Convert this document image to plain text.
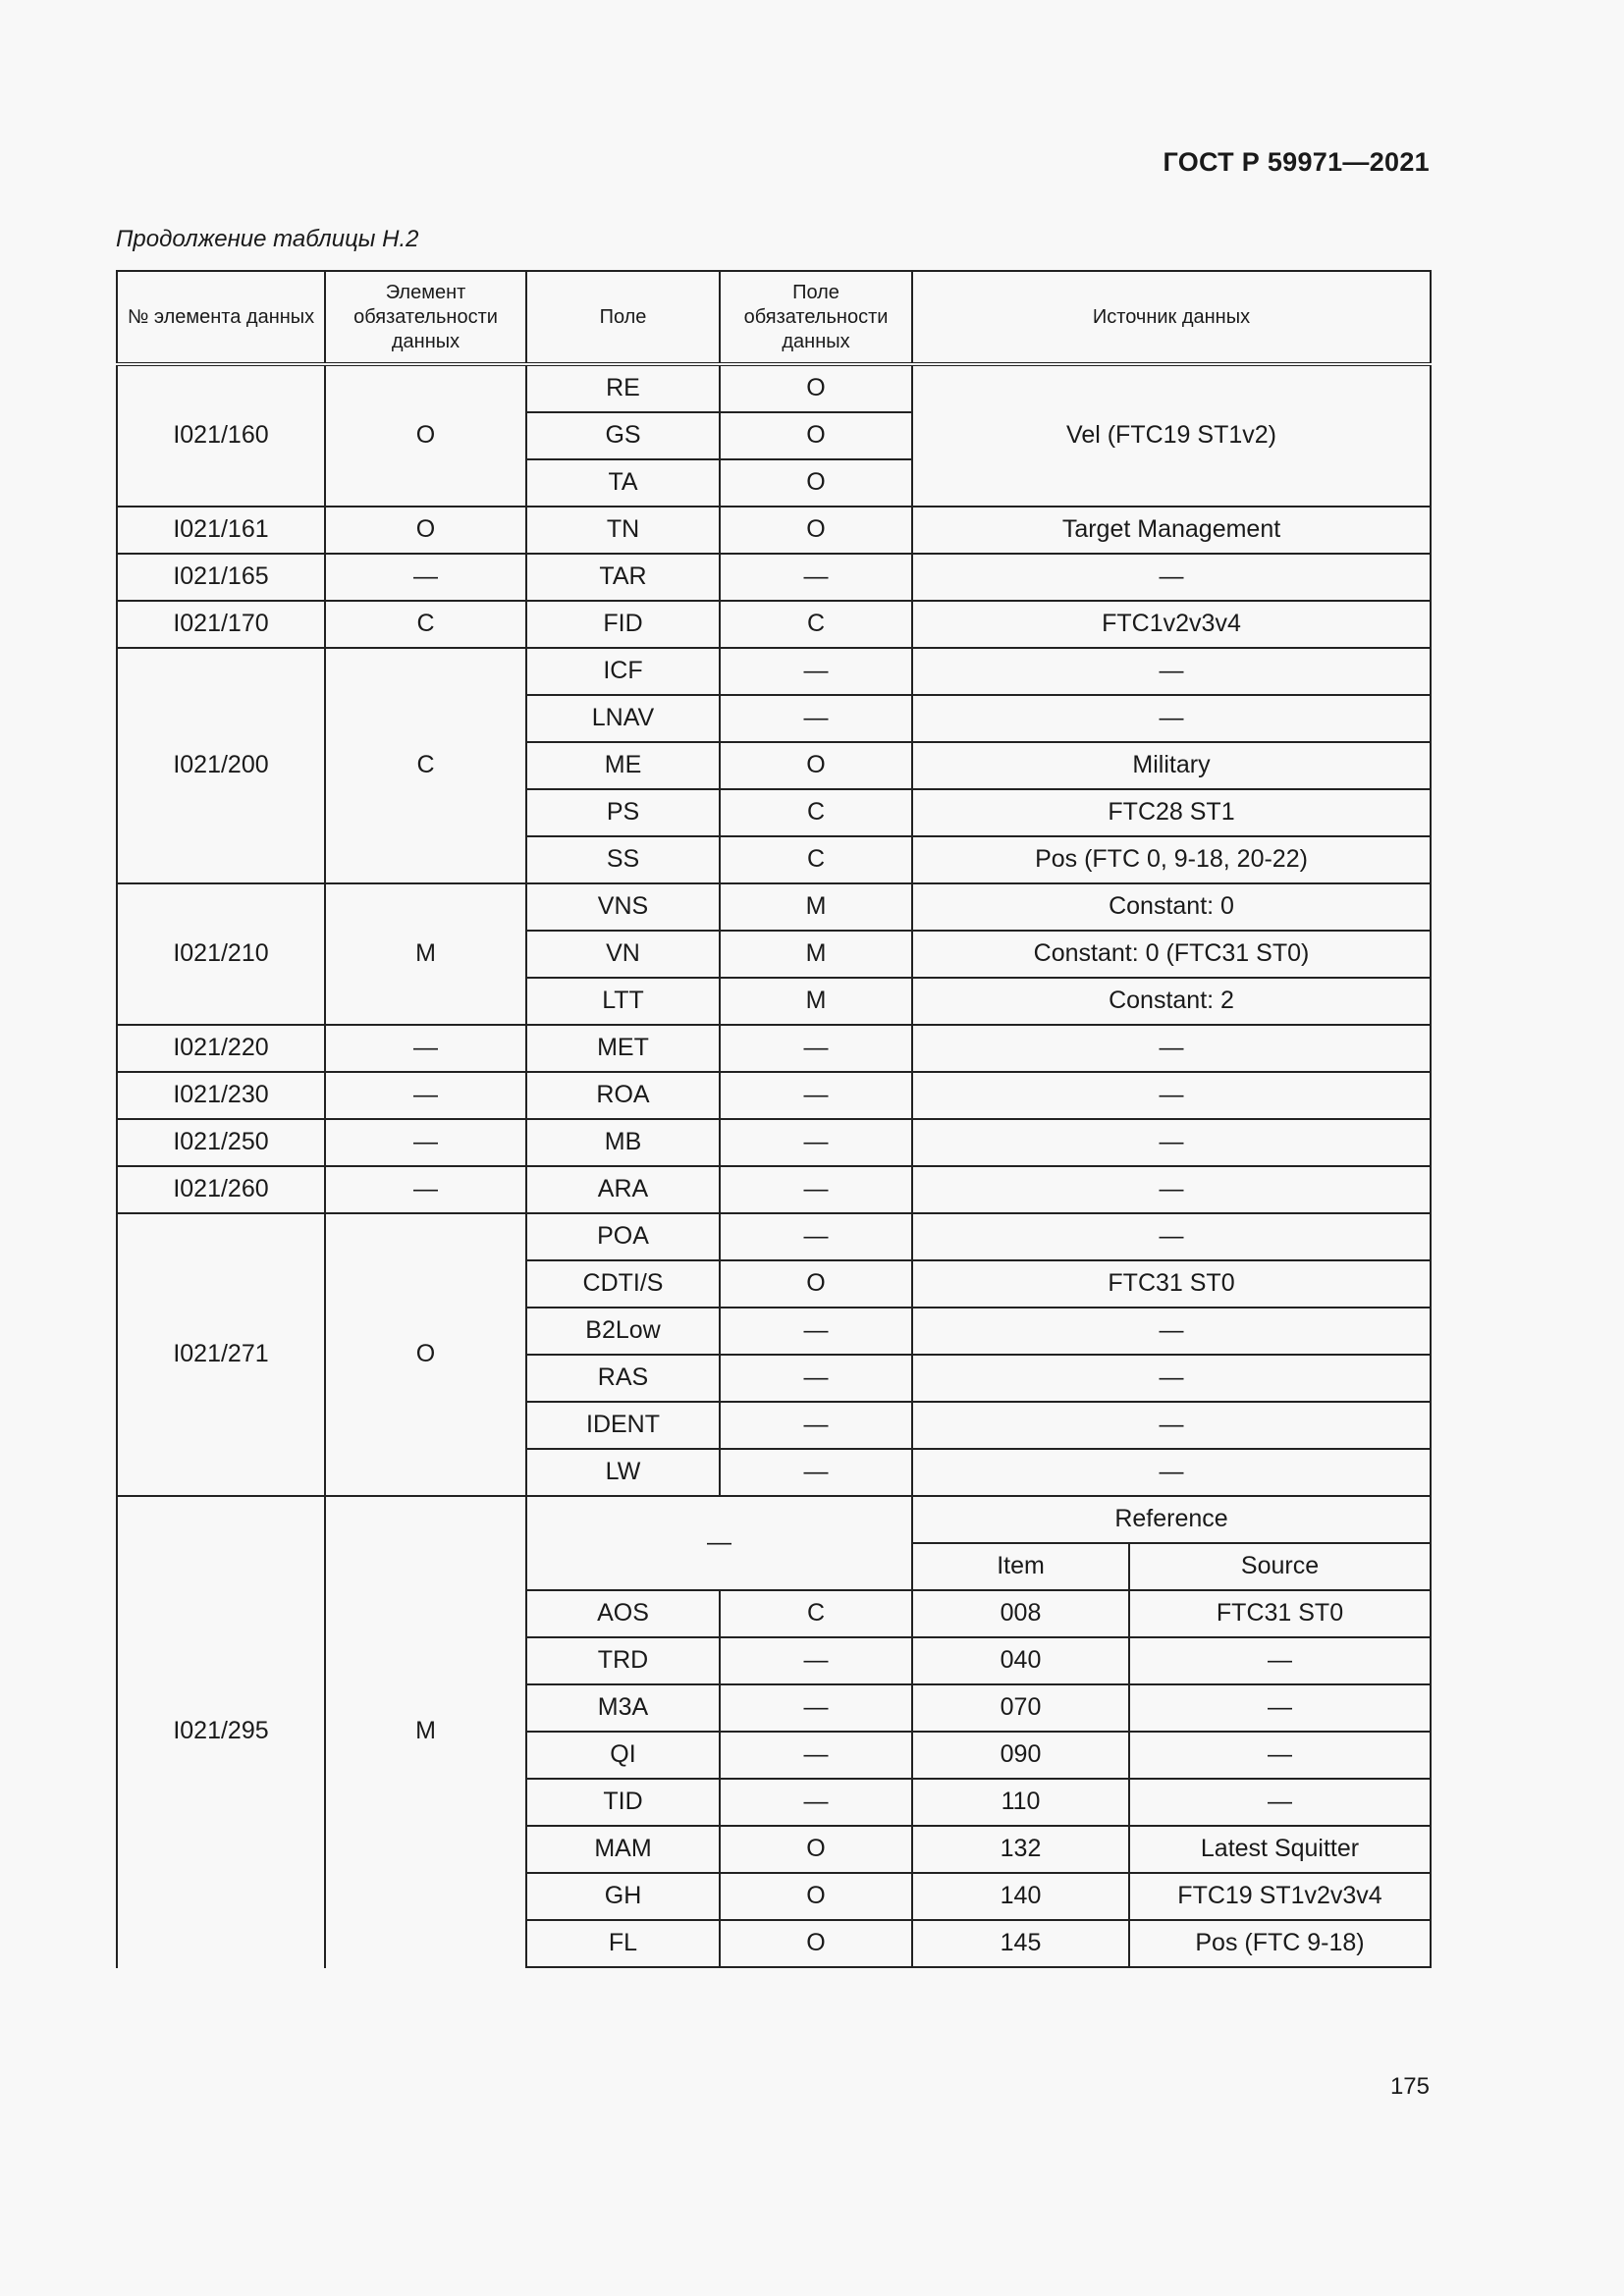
ГОСТ Р 59971—2021
Продолжение таблицы Н.2
№ элемента данных	Элемент обязательности данных	Поле	Поле обязательности данных	Источник данных	
I021/160	O	RE	O	Vel (FTC19 ST1v2)	
		GS	O		
		TA	O		
I021/161	O	TN	O	Target Management	
I021/165	—	TAR	—	—	
I021/170	C	FID	C	FTC1v2v3v4	
I021/200	C	ICF	—	—	
		LNAV	—	—	
		ME	O	Military	
		PS	C	FTC28 ST1	
		SS	C	Pos (FTC 0, 9-18, 20-22)	
I021/210	M	VNS	M	Constant: 0	
		VN	M	Constant: 0 (FTC31 ST0)	
		LTT	M	Constant: 2	
I021/220	—	MET	—	—	
I021/230	—	ROA	—	—	
I021/250	—	MB	—	—	
I021/260	—	ARA	—	—	
I021/271	O	POA	—	—	
		CDTI/S	O	FTC31 ST0	
		B2Low	—	—	
		RAS	—	—	
		IDENT	—	—	
		LW	—	—	
I021/295	M	—		Reference	
				Item	Source
		AOS	C	008	FTC31 ST0
		TRD	—	040	—
		M3A	—	070	—
		QI	—	090	—
		TID	—	110	—
		MAM	O	132	Latest Squitter
		GH	O	140	FTC19 ST1v2v3v4
		FL	O	145	Pos (FTC 9-18)
175
